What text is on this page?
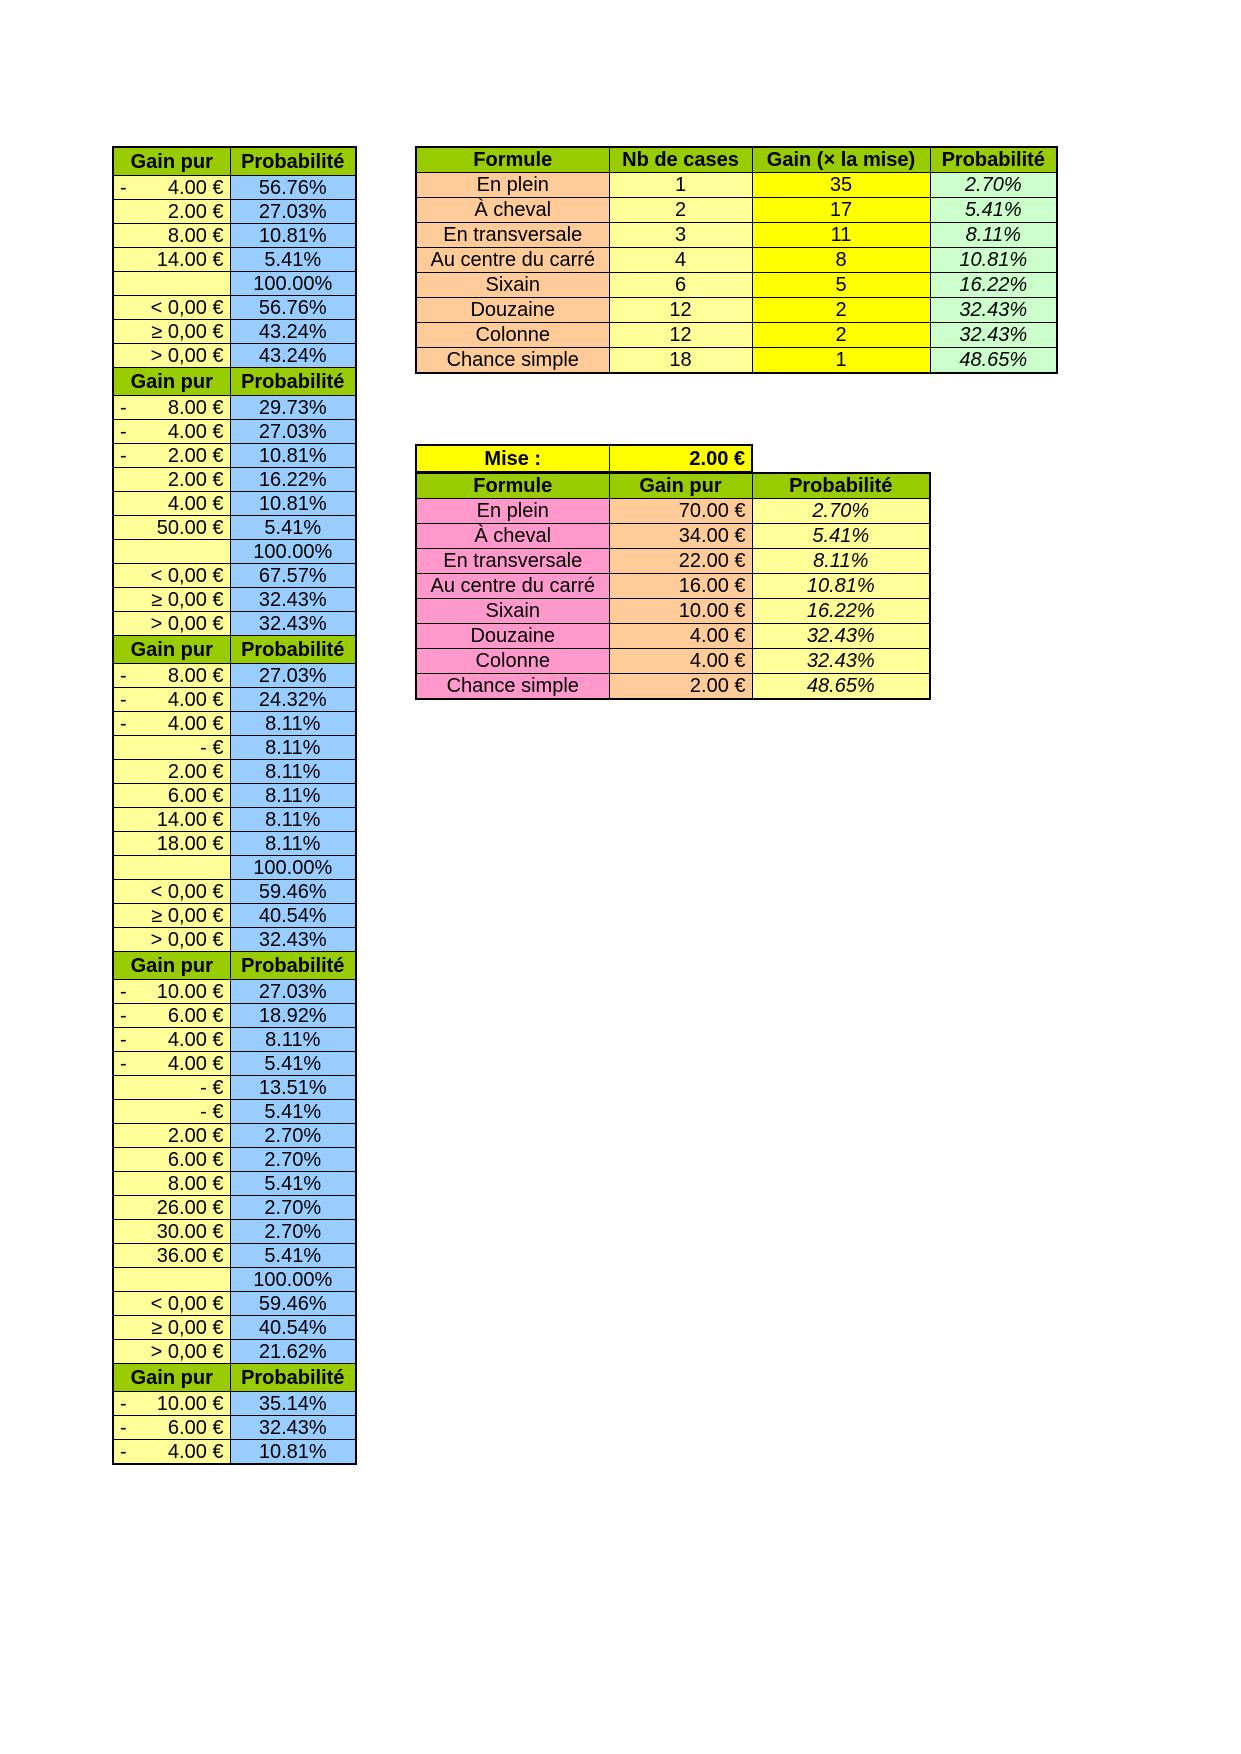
Gain pur	Probabilité

- 4.00 €	56.76%

2.00 €	27.03%

8.00 €	10.81%

14.00 €	5.41%

	100.00%

< 0,00 €	56.76%

≥ 0,00 €	43.24%

> 0,00 €	43.24%
Gain pur	Probabilité

- 8.00 €	29.73%

- 4.00 €	27.03%

- 2.00 €	10.81%

2.00 €	16.22%

4.00 €	10.81%

50.00 €	5.41%

	100.00%

< 0,00 €	67.57%

≥ 0,00 €	32.43%

> 0,00 €	32.43%
Gain pur	Probabilité

- 8.00 €	27.03%

- 4.00 €	24.32%

- 4.00 €	8.11%

- €	8.11%

2.00 €	8.11%

6.00 €	8.11%

14.00 €	8.11%

18.00 €	8.11%

	100.00%

< 0,00 €	59.46%

≥ 0,00 €	40.54%

> 0,00 €	32.43%
Gain pur	Probabilité

- 10.00 €	27.03%

- 6.00 €	18.92%

- 4.00 €	8.11%

- 4.00 €	5.41%

- €	13.51%

- €	5.41%

2.00 €	2.70%

6.00 €	2.70%

8.00 €	5.41%

26.00 €	2.70%

30.00 €	2.70%

36.00 €	5.41%

	100.00%

< 0,00 €	59.46%

≥ 0,00 €	40.54%

> 0,00 €	21.62%
Gain pur	Probabilité

- 10.00 €	35.14%

- 6.00 €	32.43%

- 4.00 €	10.81%
Formule	Nb de cases	Gain (× la mise)	Probabilité
En plein	1	35	2.70%
À cheval	2	17	5.41%
En transversale	3	11	8.11%
Au centre du carré	4	8	10.81%
Sixain	6	5	16.22%
Douzaine	12	2	32.43%
Colonne	12	2	32.43%
Chance simple	18	1	48.65%
Mise :	2.00 €
Formule	Gain pur	Probabilité
En plein	70.00 €	2.70%
À cheval	34.00 €	5.41%
En transversale	22.00 €	8.11%
Au centre du carré	16.00 €	10.81%
Sixain	10.00 €	16.22%
Douzaine	4.00 €	32.43%
Colonne	4.00 €	32.43%
Chance simple	2.00 €	48.65%
